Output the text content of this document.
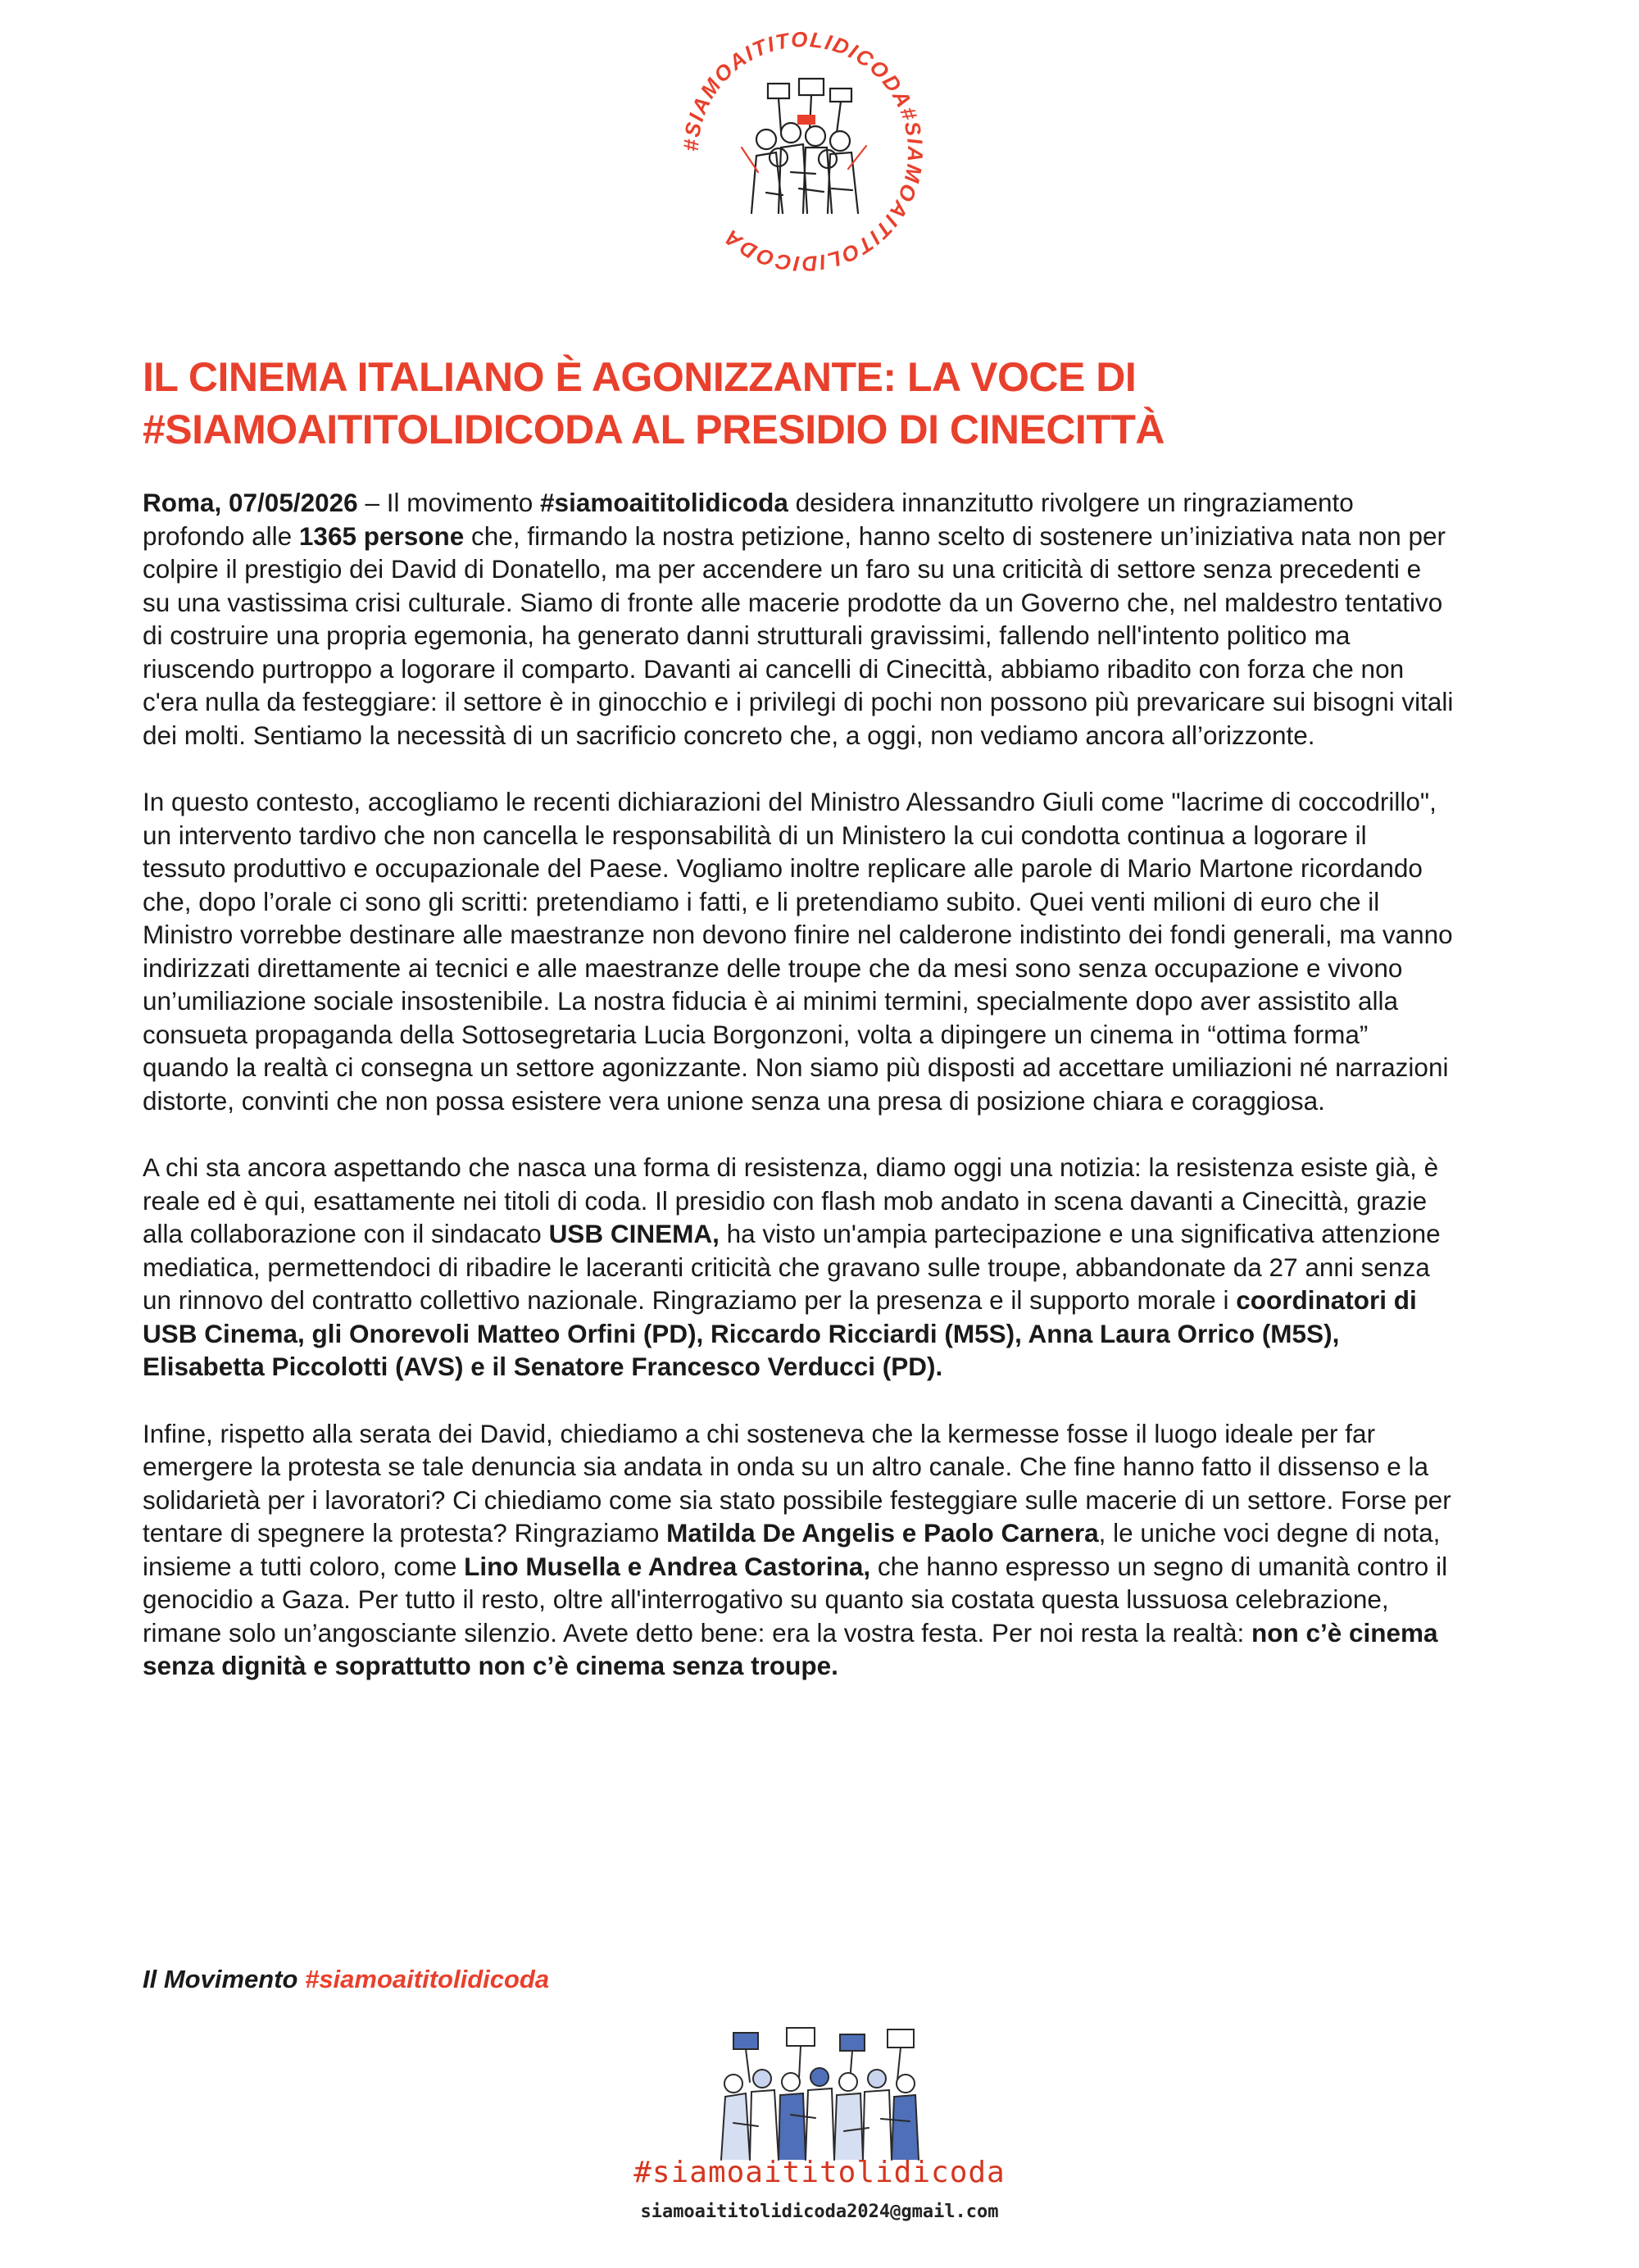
#SIAMOAITITOLIDICODA#SIAMOAITITOLIDICODA
IL CINEMA ITALIANO È AGONIZZANTE: LA VOCE DI
#SIAMOAITITOLIDICODA AL PRESIDIO DI CINECITTÀ

Roma, 07/05/2026 – Il movimento #siamoaititolidicoda desidera innanzitutto rivolgere un ringraziamento profondo alle 1365 persone che, firmando la nostra petizione, hanno scelto di sostenere un’iniziativa nata non per colpire il prestigio dei David di Donatello, ma per accendere un faro su una criticità di settore senza precedenti e su una vastissima crisi culturale. Siamo di fronte alle macerie prodotte da un Governo che, nel maldestro tentativo di costruire una propria egemonia, ha generato danni strutturali gravissimi, fallendo nell'intento politico ma riuscendo purtroppo a logorare il comparto. Davanti ai cancelli di Cinecittà, abbiamo ribadito con forza che non c'era nulla da festeggiare: il settore è in ginocchio e i privilegi di pochi non possono più prevaricare sui bisogni vitali dei molti. Sentiamo la necessità di un sacrificio concreto che, a oggi, non vediamo ancora all’orizzonte.

In questo contesto, accogliamo le recenti dichiarazioni del Ministro Alessandro Giuli come "lacrime di coccodrillo", un intervento tardivo che non cancella le responsabilità di un Ministero la cui condotta continua a logorare il tessuto produttivo e occupazionale del Paese. Vogliamo inoltre replicare alle parole di Mario Martone ricordando che, dopo l’orale ci sono gli scritti: pretendiamo i fatti, e li pretendiamo subito. Quei venti milioni di euro che il Ministro vorrebbe destinare alle maestranze non devono finire nel calderone indistinto dei fondi generali, ma vanno indirizzati direttamente ai tecnici e alle maestranze delle troupe che da mesi sono senza occupazione e vivono un’umiliazione sociale insostenibile. La nostra fiducia è ai minimi termini, specialmente dopo aver assistito alla consueta propaganda della Sottosegretaria Lucia Borgonzoni, volta a dipingere un cinema in “ottima forma” quando la realtà ci consegna un settore agonizzante. Non siamo più disposti ad accettare umiliazioni né narrazioni distorte, convinti che non possa esistere vera unione senza una presa di posizione chiara e coraggiosa.

A chi sta ancora aspettando che nasca una forma di resistenza, diamo oggi una notizia: la resistenza esiste già, è reale ed è qui, esattamente nei titoli di coda. Il presidio con flash mob andato in scena davanti a Cinecittà, grazie alla collaborazione con il sindacato USB CINEMA, ha visto un'ampia partecipazione e una significativa attenzione mediatica, permettendoci di ribadire le laceranti criticità che gravano sulle troupe, abbandonate da 27 anni senza un rinnovo del contratto collettivo nazionale. Ringraziamo per la presenza e il supporto morale i coordinatori di USB Cinema, gli Onorevoli Matteo Orfini (PD), Riccardo Ricciardi (M5S), Anna Laura Orrico (M5S), Elisabetta Piccolotti (AVS) e il Senatore Francesco Verducci (PD).

Infine, rispetto alla serata dei David, chiediamo a chi sosteneva che la kermesse fosse il luogo ideale per far emergere la protesta se tale denuncia sia andata in onda su un altro canale. Che fine hanno fatto il dissenso e la solidarietà per i lavoratori? Ci chiediamo come sia stato possibile festeggiare sulle macerie di un settore. Forse per tentare di spegnere la protesta? Ringraziamo Matilda De Angelis e Paolo Carnera, le uniche voci degne di nota, insieme a tutti coloro, come Lino Musella e Andrea Castorina, che hanno espresso un segno di umanità contro il genocidio a Gaza. Per tutto il resto, oltre all'interrogativo su quanto sia costata questa lussuosa celebrazione, rimane solo un’angosciante silenzio. Avete detto bene: era la vostra festa. Per noi resta la realtà: non c’è cinema senza dignità e soprattutto non c’è cinema senza troupe.

Il Movimento #siamoaititolidicoda
#siamoaititolidicoda
siamoaititolidicoda2024@gmail.com
